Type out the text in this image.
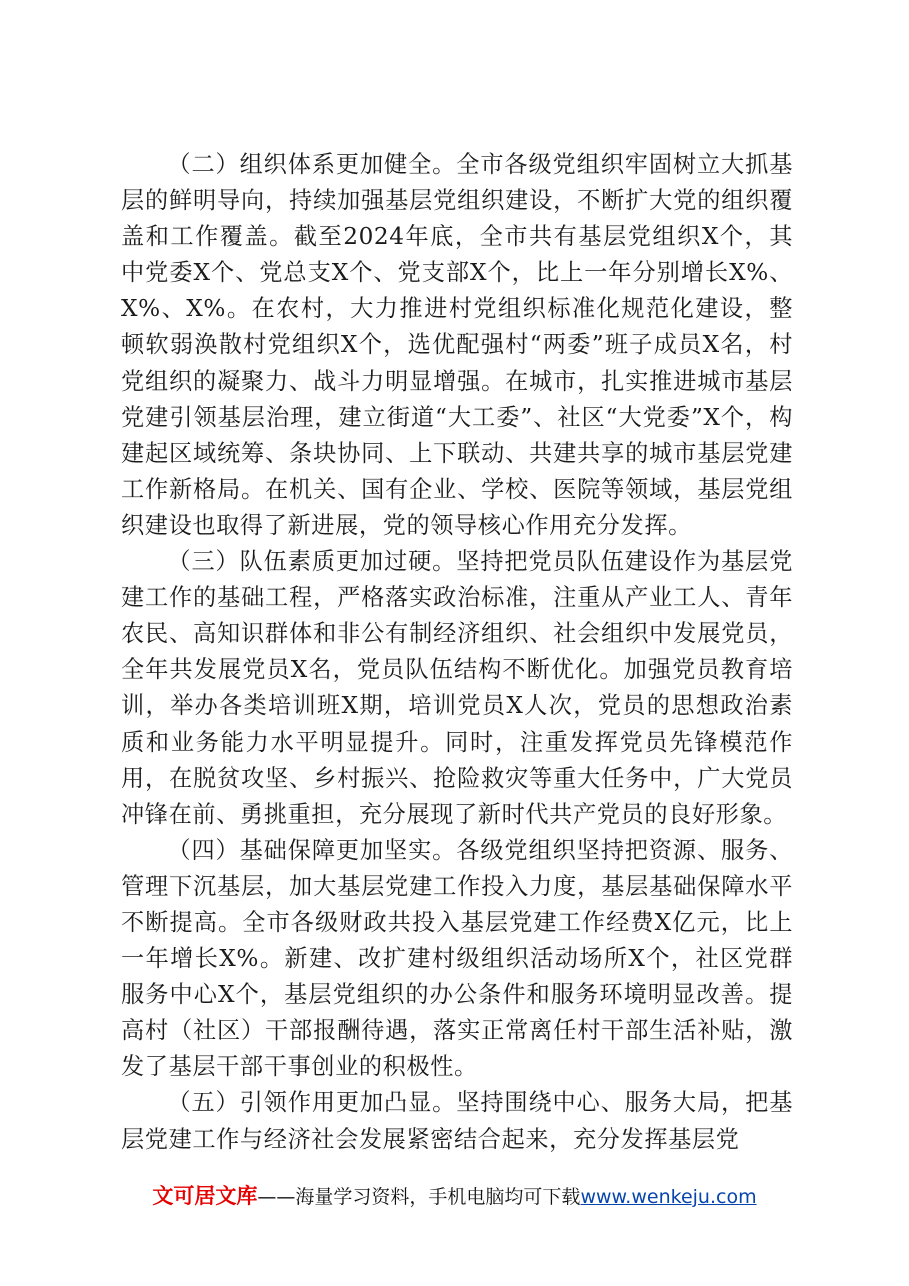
（二）组织体系更加健全。全市各级党组织牢固树立大抓基层的鲜明导向，持续加强基层党组织建设，不断扩大党的组织覆盖和工作覆盖。截至2024年底，全市共有基层党组织X个，其中党委X个、党总支X个、党支部X个，比上一年分别增长X%、X%、X%。在农村，大力推进村党组织标准化规范化建设，整顿软弱涣散村党组织X个，选优配强村“两委”班子成员X名，村党组织的凝聚力、战斗力明显增强。在城市，扎实推进城市基层党建引领基层治理，建立街道“大工委”、社区“大党委”X个，构建起区域统筹、条块协同、上下联动、共建共享的城市基层党建工作新格局。在机关、国有企业、学校、医院等领域，基层党组织建设也取得了新进展，党的领导核心作用充分发挥。

（三）队伍素质更加过硬。坚持把党员队伍建设作为基层党建工作的基础工程，严格落实政治标准，注重从产业工人、青年农民、高知识群体和非公有制经济组织、社会组织中发展党员，全年共发展党员X名，党员队伍结构不断优化。加强党员教育培训，举办各类培训班X期，培训党员X人次，党员的思想政治素质和业务能力水平明显提升。同时，注重发挥党员先锋模范作用，在脱贫攻坚、乡村振兴、抢险救灾等重大任务中，广大党员冲锋在前、勇挑重担，充分展现了新时代共产党员的良好形象。

（四）基础保障更加坚实。各级党组织坚持把资源、服务、管理下沉基层，加大基层党建工作投入力度，基层基础保障水平不断提高。全市各级财政共投入基层党建工作经费X亿元，比上一年增长X%。新建、改扩建村级组织活动场所X个，社区党群服务中心X个，基层党组织的办公条件和服务环境明显改善。提高村（社区）干部报酬待遇，落实正常离任村干部生活补贴，激发了基层干部干事创业的积极性。

（五）引领作用更加凸显。坚持围绕中心、服务大局，把基层党建工作与经济社会发展紧密结合起来，充分发挥基层党

文可居文库——海量学习资料，手机电脑均可下载www.wenkeju.com
